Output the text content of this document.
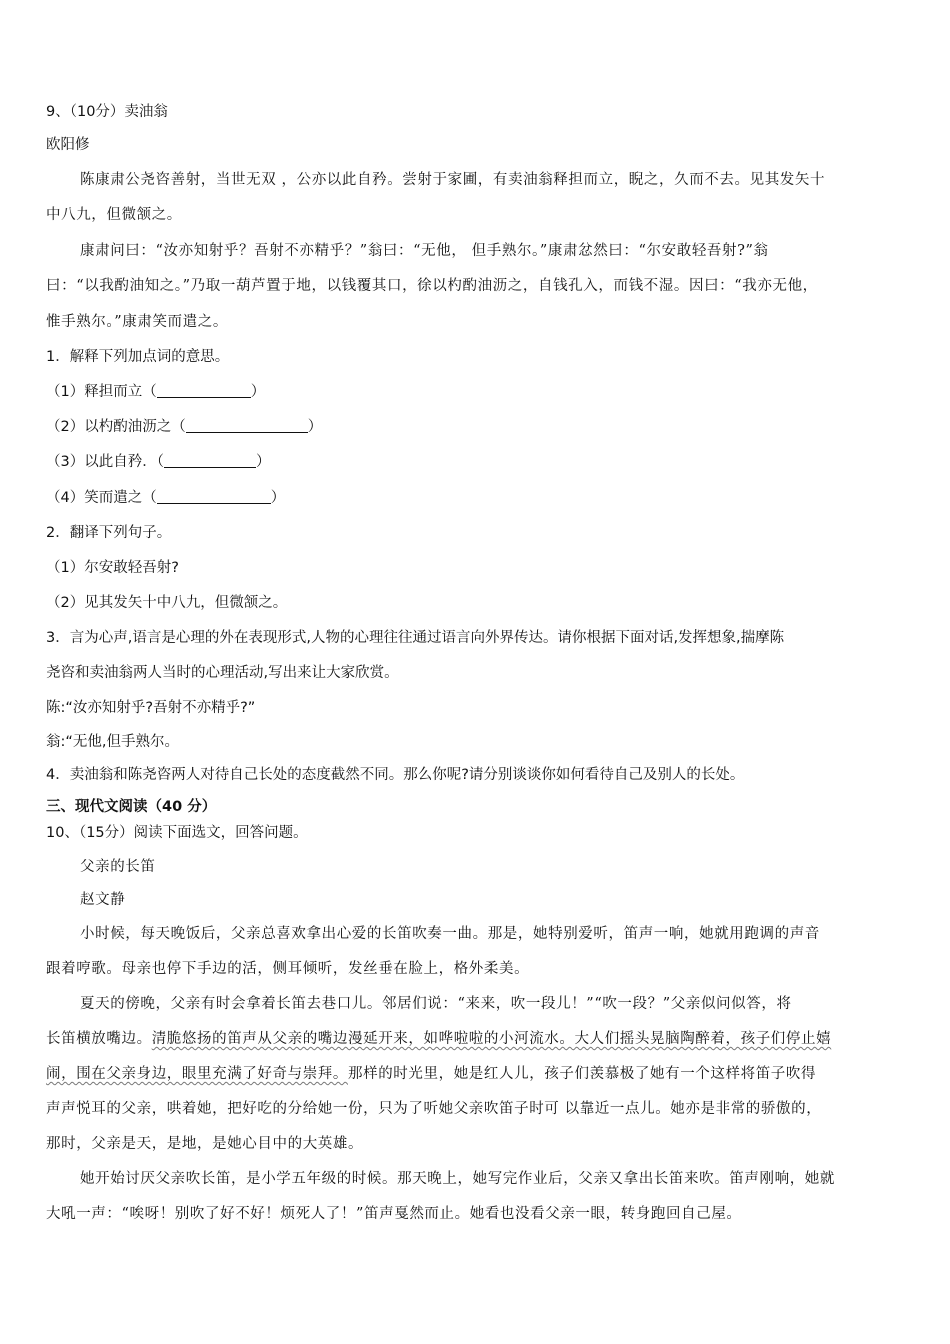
9、（10分）卖油翁
欧阳修
陈康肃公尧咨善射，当世无双 ，公亦以此自矜。尝射于家圃，有卖油翁释担而立，睨之，久而不去。见其发矢十
中八九，但微颔之。
康肃问曰：“汝亦知射乎？吾射不亦精乎？”翁曰：“无他， 但手熟尔。”康肃忿然曰：“尔安敢轻吾射?”翁
曰：“以我酌油知之。”乃取一葫芦置于地，以钱覆其口，徐以杓酌油沥之，自钱孔入，而钱不湿。因曰：“我亦无他，
惟手熟尔。”康肃笑而遣之。
1．解释下列加点词的意思。
（1）释担而立（	）
（2）以杓酌油沥之（	）
（3）以此自矜．（	）
（4）笑而遣之（	）
2．翻译下列句子。
（1）尔安敢轻吾射?
（2）见其发矢十中八九，但微颔之。
3．言为心声,语言是心理的外在表现形式,人物的心理往往通过语言向外界传达。请你根据下面对话,发挥想象,揣摩陈
尧咨和卖油翁两人当时的心理活动,写出来让大家欣赏。
陈:“汝亦知射乎?吾射不亦精乎?”
翁:“无他,但手熟尔。
4．卖油翁和陈尧咨两人对待自己长处的态度截然不同。那么你呢?请分别谈谈你如何看待自己及别人的长处。
三、现代文阅读（40 分）
10、（15分）阅读下面选文，回答问题。
父亲的长笛
赵文静
小时候，每天晚饭后，父亲总喜欢拿出心爱的长笛吹奏一曲。那是，她特别爱听，笛声一响，她就用跑调的声音
跟着哼歌。母亲也停下手边的活，侧耳倾听，发丝垂在脸上，格外柔美。
夏天的傍晚，父亲有时会拿着长笛去巷口儿。邻居们说：“来来，吹一段儿！”“吹一段？”父亲似问似答，将
长笛横放嘴边。清脆悠扬的笛声从父亲的嘴边漫延开来，如哗啦啦的小河流水。大人们摇头晃脑陶醉着，孩子们停止嬉
闹，围在父亲身边，眼里充满了好奇与崇拜。那样的时光里，她是红人儿，孩子们羡慕极了她有一个这样将笛子吹得
声声悦耳的父亲，哄着她，把好吃的分给她一份，只为了听她父亲吹笛子时可 以靠近一点儿。她亦是非常的骄傲的，
那时，父亲是天，是地，是她心目中的大英雄。
她开始讨厌父亲吹长笛，是小学五年级的时候。那天晚上，她写完作业后，父亲又拿出长笛来吹。笛声刚响，她就
大吼一声：“唉呀！别吹了好不好！烦死人了！”笛声戛然而止。她看也没看父亲一眼，转身跑回自己屋。
